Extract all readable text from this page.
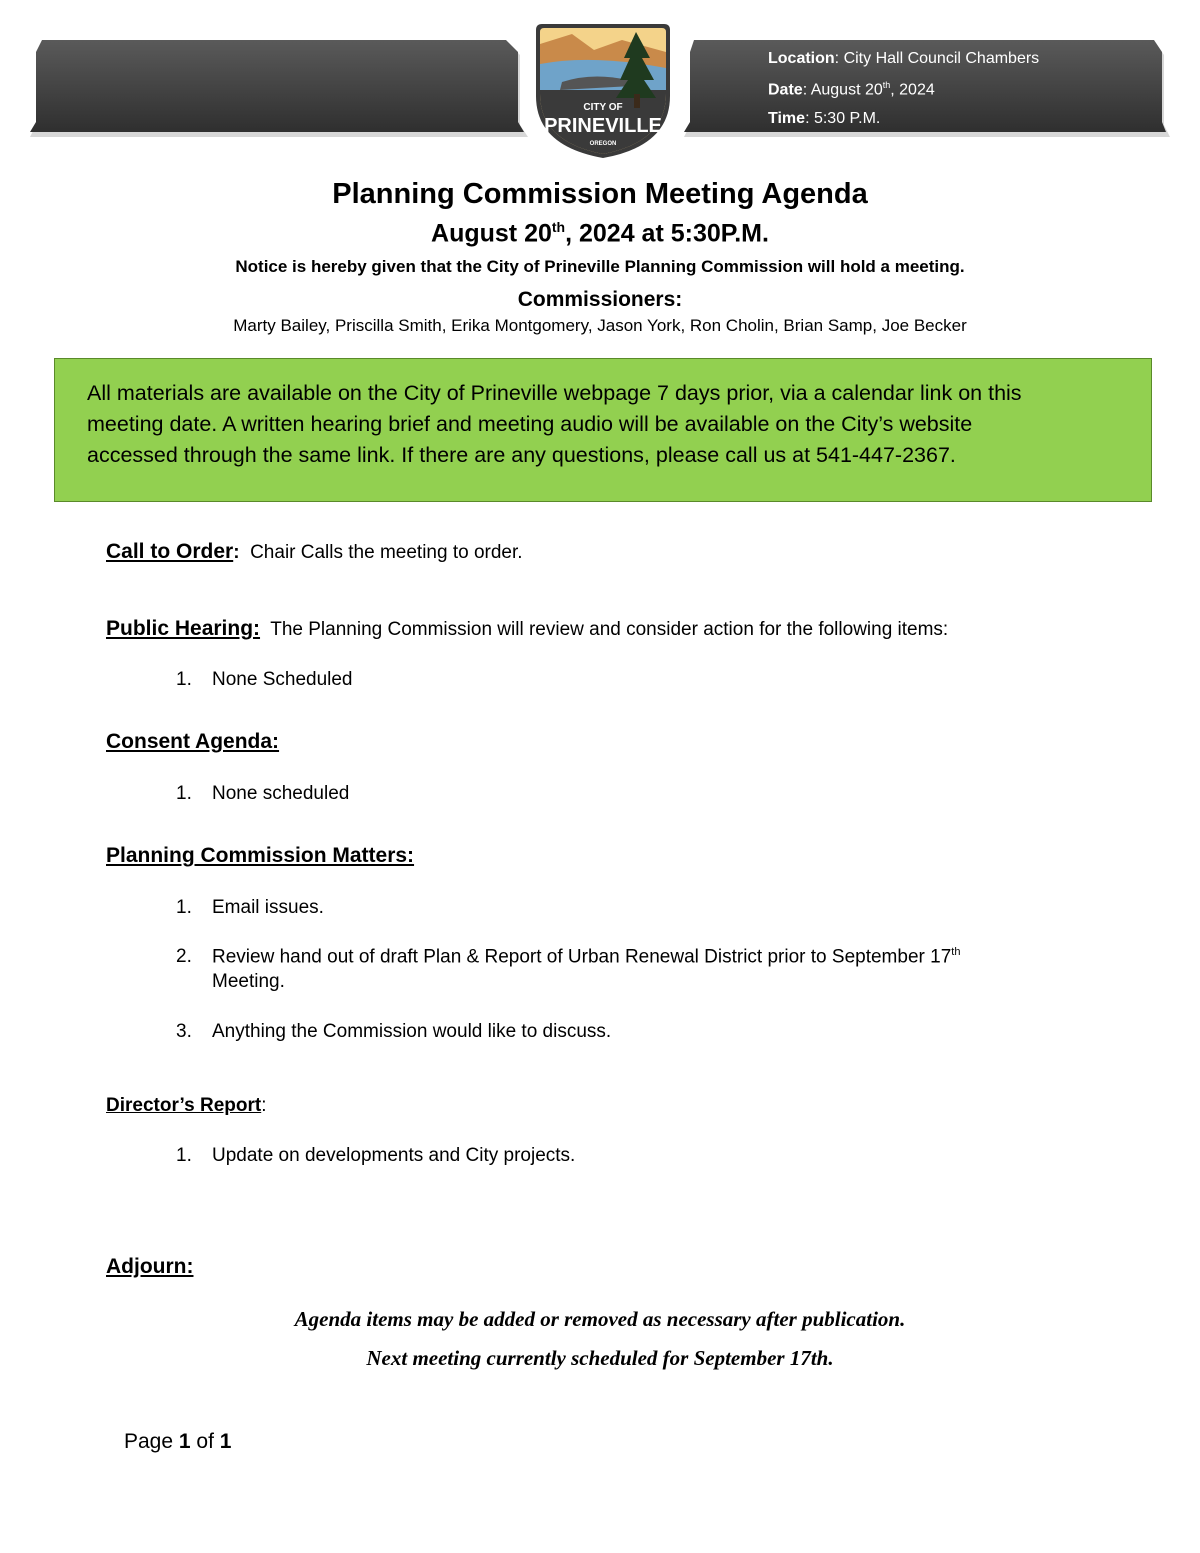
Location: City Hall Council Chambers
Date: August 20th, 2024
Time: 5:30 P.M.
CITY OF
PRINEVILLE
OREGON
Planning Commission Meeting Agenda
August 20th, 2024 at 5:30P.M.
Notice is hereby given that the City of Prineville Planning Commission will hold a meeting.
Commissioners:
Marty Bailey, Priscilla Smith, Erika Montgomery, Jason York, Ron Cholin, Brian Samp, Joe Becker
All materials are available on the City of Prineville webpage 7 days prior, via a calendar link on this
meeting date. A written hearing brief and meeting audio will be available on the City’s website
accessed through the same link. If there are any questions, please call us at 541-447-2367.
Call to Order:  Chair Calls the meeting to order.
Public Hearing:  The Planning Commission will review and consider action for the following items:
1. None Scheduled
Consent Agenda:
1. None scheduled
Planning Commission Matters:
1. Email issues.
2. Review hand out of draft Plan & Report of Urban Renewal District prior to September 17th
Meeting.
3. Anything the Commission would like to discuss.
Director’s Report:
1. Update on developments and City projects.
Adjourn:
Agenda items may be added or removed as necessary after publication.
Next meeting currently scheduled for September 17th.
Page 1 of 1
